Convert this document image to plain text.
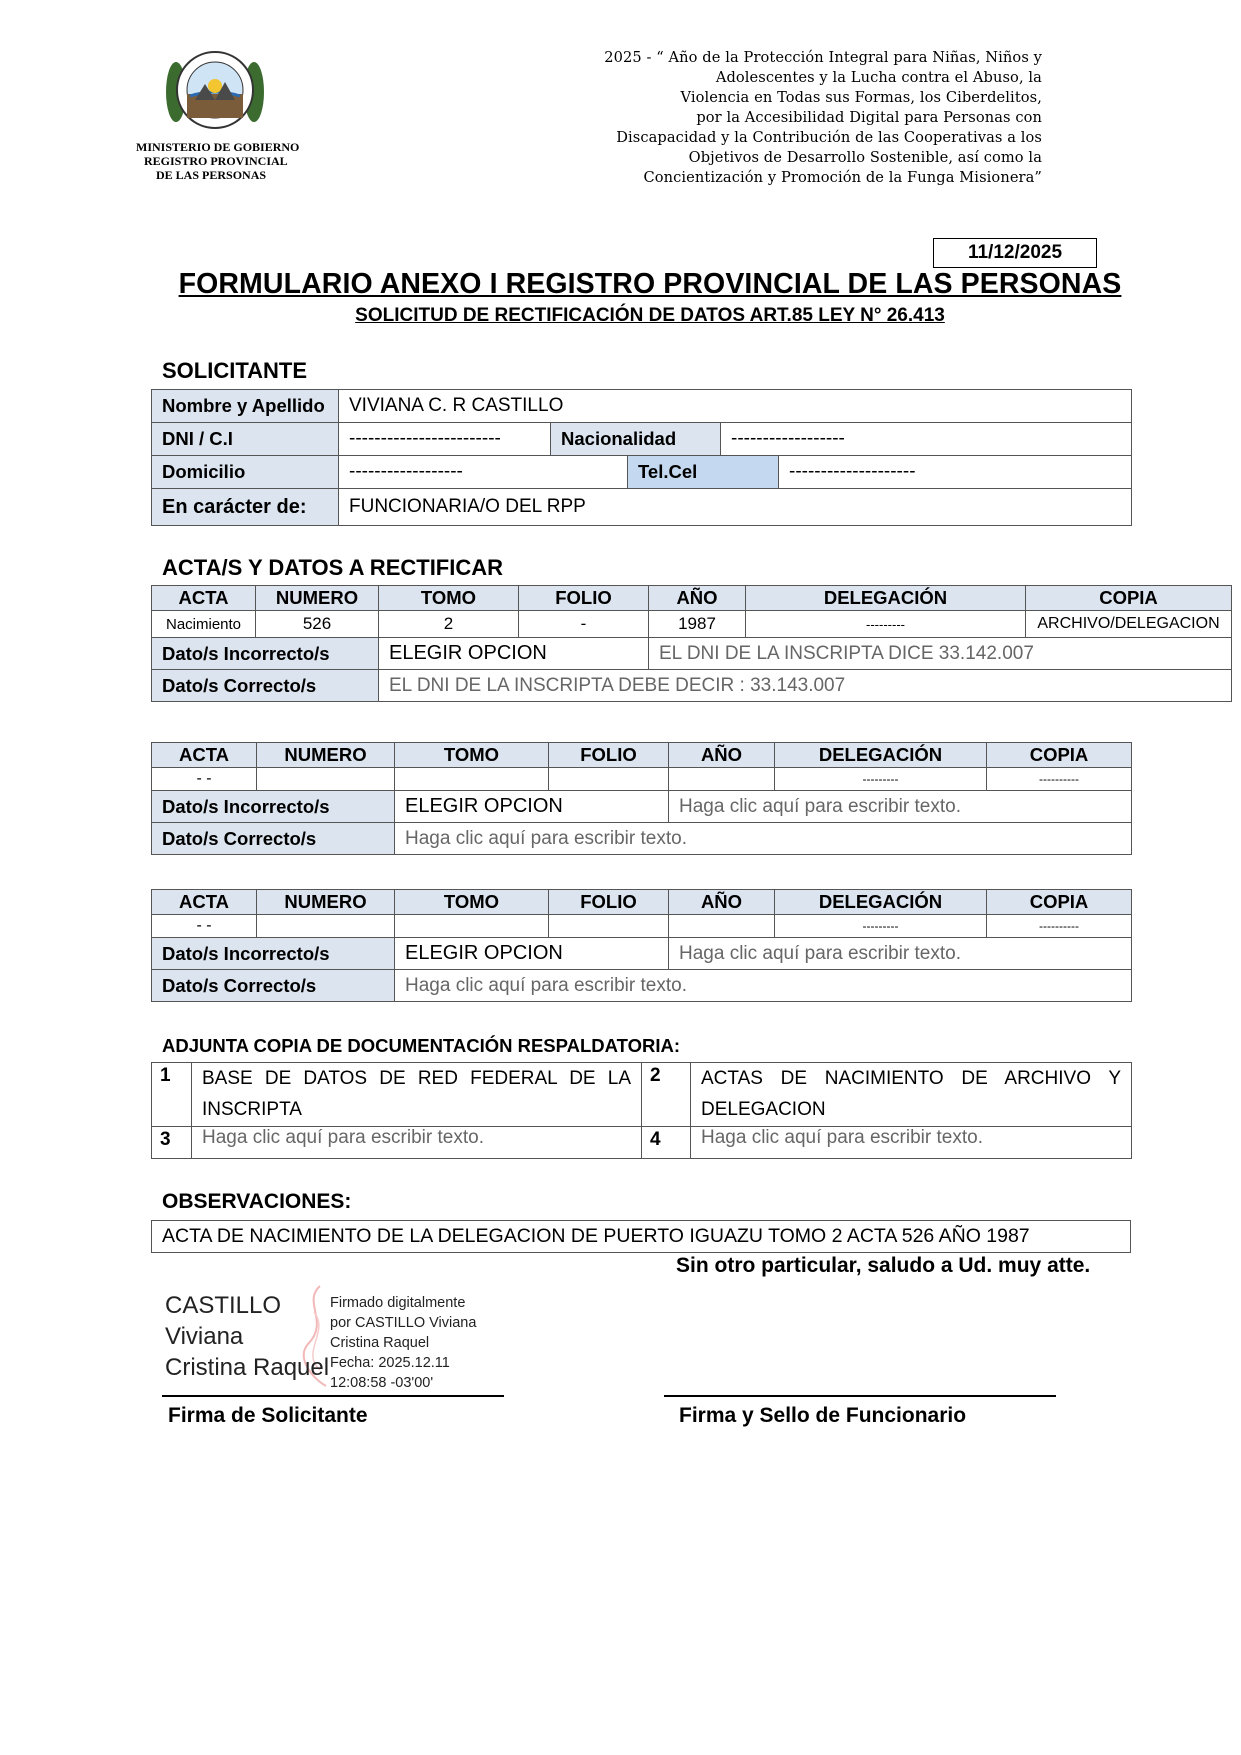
MINISTERIO DE GOBIERNO
REGISTRO PROVINCIAL
DE LAS PERSONAS
2025 - “ Año de la Protección Integral para Niñas, Niños y
Adolescentes y la Lucha contra el Abuso, la
Violencia en Todas sus Formas, los Ciberdelitos,
por la Accesibilidad Digital para Personas con
Discapacidad y la Contribución de las Cooperativas a los
Objetivos de Desarrollo Sostenible, así como la
Concientización y Promoción de la Funga Misionera”
11/12/2025
FORMULARIO ANEXO I REGISTRO PROVINCIAL DE LAS PERSONAS
SOLICITUD DE RECTIFICACIÓN DE DATOS ART.85 LEY N° 26.413
SOLICITANTE
Nombre y Apellido	VIVIANA C. R CASTILLO				
DNI / C.I	------------------------	Nacionalidad		------------------	
Domicilio	------------------		Tel.Cel		--------------------
En carácter de:	FUNCIONARIA/O DEL RPP				
ACTA/S Y DATOS A RECTIFICAR
ACTA	NUMERO	TOMO	FOLIO	AÑO	DELEGACIÓN	COPIA
Nacimiento	526	2	-	1987	---------	ARCHIVO/DELEGACION
Dato/s Incorrecto/s		ELEGIR OPCION		EL DNI DE LA INSCRIPTA DICE 33.142.007		
Dato/s Correcto/s		EL DNI DE LA INSCRIPTA DEBE DECIR : 33.143.007				
ACTA	NUMERO	TOMO	FOLIO	AÑO	DELEGACIÓN	COPIA
- -					---------	----------
Dato/s Incorrecto/s		ELEGIR OPCION		Haga clic aquí para escribir texto.		
Dato/s Correcto/s		Haga clic aquí para escribir texto.				
ACTA	NUMERO	TOMO	FOLIO	AÑO	DELEGACIÓN	COPIA
- -					---------	----------
Dato/s Incorrecto/s		ELEGIR OPCION		Haga clic aquí para escribir texto.		
Dato/s Correcto/s		Haga clic aquí para escribir texto.				
ADJUNTA COPIA DE DOCUMENTACIÓN RESPALDATORIA:
1	BASE DE DATOS DE RED FEDERAL DE LA INSCRIPTA	2	ACTAS DE NACIMIENTO DE ARCHIVO Y DELEGACION
3	Haga clic aquí para escribir texto.	4	Haga clic aquí para escribir texto.
OBSERVACIONES:
ACTA DE NACIMIENTO DE LA DELEGACION DE PUERTO IGUAZU TOMO 2 ACTA 526 AÑO 1987
Sin otro particular, saludo a Ud. muy atte.
CASTILLO
Viviana
Cristina Raquel
Firmado digitalmente
por CASTILLO Viviana
Cristina Raquel
Fecha: 2025.12.11
12:08:58 -03'00'
Firma de Solicitante	Firma y Sello de Funcionario
